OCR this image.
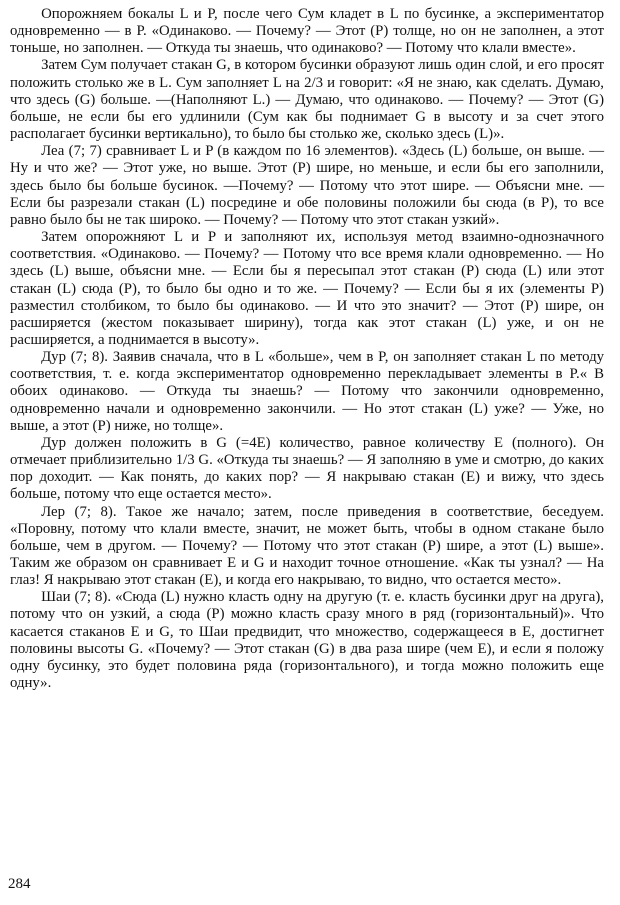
Опорожняем бокалы L и P, после чего Сум кладет в L по бусинке, а экспериментатор одновременно — в P. «Одинаково. — Почему? — Этот (P) толще, но он не заполнен, а этот тоньше, но заполнен. — Откуда ты знаешь, что одинаково? — Потому что клали вместе».

Затем Сум получает стакан G, в котором бусинки образуют лишь один слой, и его просят положить столько же в L. Сум заполняет L на 2/3 и говорит: «Я не знаю, как сделать. Думаю, что здесь (G) больше. —(Наполняют L.) — Думаю, что одинаково. — Почему? — Этот (G) больше, не если бы его удлинили (Сум как бы поднимает G в высоту и за счет этого располагает бусинки вертикально), то было бы столько же, сколько здесь (L)».

Леа (7; 7) сравнивает L и P (в каждом по 16 элементов). «Здесь (L) больше, он выше. — Ну и что же? — Этот уже, но выше. Этот (P) шире, но меньше, и если бы его заполнили, здесь было бы больше бусинок. —Почему? — Потому что этот шире. — Объясни мне. — Если бы разрезали стакан (L) посредине и обе половины положили бы сюда (в P), то все равно было бы не так широко. — Почему? — Потому что этот стакан узкий».

Затем опорожняют L и P и заполняют их, используя метод взаимно-однозначного соответствия. «Одинаково. — Почему? — Потому что все время клали одновременно. — Но здесь (L) выше, объясни мне. — Если бы я пересыпал этот стакан (P) сюда (L) или этот стакан (L) сюда (P), то было бы одно и то же. — Почему? — Если бы я их (элементы P) разместил столбиком, то было бы одинаково. — И что это значит? — Этот (P) шире, он расширяется (жестом показывает ширину), тогда как этот стакан (L) уже, и он не расширяется, а поднимается в высоту».

Дур (7; 8). Заявив сначала, что в L «больше», чем в P, он заполняет стакан L по методу соответствия, т. е. когда экспериментатор одновременно перекладывает элементы в P.« В обоих одинаково. — Откуда ты знаешь? — Потому что закончили одновременно, одновременно начали и одновременно закончили. — Но этот стакан (L) уже? — Уже, но выше, а этот (P) ниже, но толще».

Дур должен положить в G (=4E) количество, равное количеству E (полного). Он отмечает приблизительно 1/3 G. «Откуда ты знаешь? — Я заполняю в уме и смотрю, до каких пор доходит. — Как понять, до каких пор? — Я накрываю стакан (E) и вижу, что здесь больше, потому что еще остается место».

Лер (7; 8). Такое же начало; затем, после приведения в соответствие, беседуем. «Поровну, потому что клали вместе, значит, не может быть, чтобы в одном стакане было больше, чем в другом. — Почему? — Потому что этот стакан (P) шире, а этот (L) выше». Таким же образом он сравнивает E и G и находит точное отношение. «Как ты узнал? — На глаз! Я накрываю этот стакан (E), и когда его накрываю, то видно, что остается место».

Шаи (7; 8). «Сюда (L) нужно класть одну на другую (т. е. класть бусинки друг на друга), потому что он узкий, а сюда (P) можно класть сразу много в ряд (горизонтальный)». Что касается стаканов E и G, то Шаи предвидит, что множество, содержащееся в E, достигнет половины высоты G. «Почему? — Этот стакан (G) в два раза шире (чем E), и если я положу одну бусинку, это будет половина ряда (горизонтального), и тогда можно положить еще одну».

284
